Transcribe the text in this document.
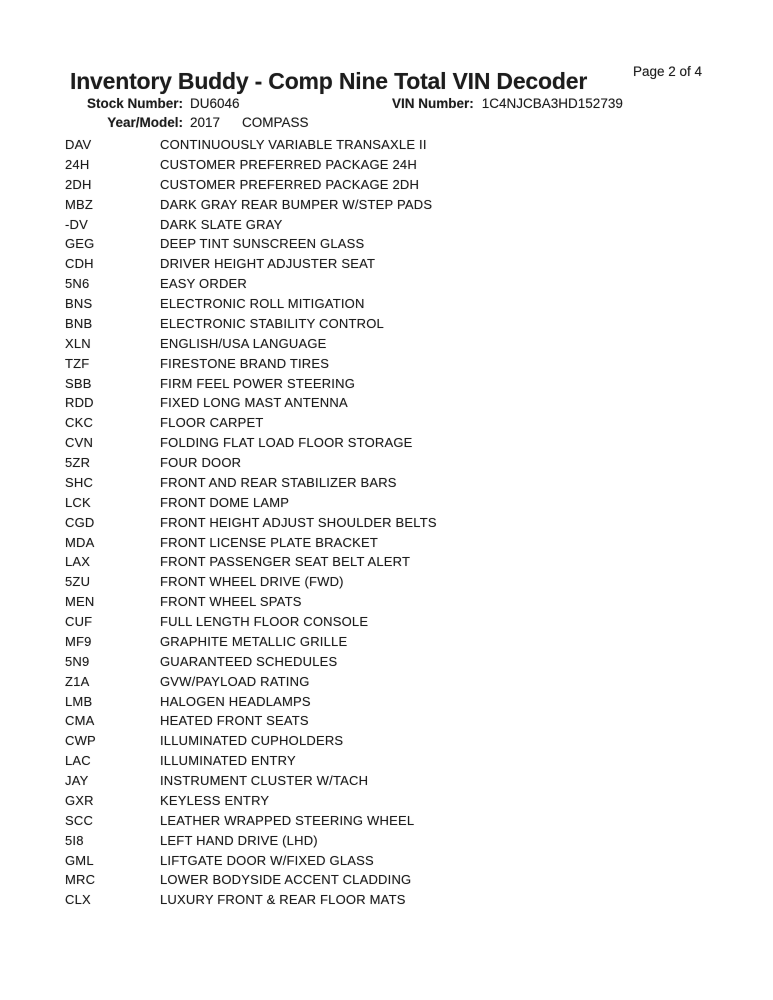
Inventory Buddy - Comp Nine Total VIN Decoder	Page 2 of 4
Stock Number: DU6046	VIN Number: 1C4NJCBA3HD152739
Year/Model: 2017 COMPASS
DAV	CONTINUOUSLY VARIABLE TRANSAXLE II
24H	CUSTOMER PREFERRED PACKAGE 24H
2DH	CUSTOMER PREFERRED PACKAGE 2DH
MBZ	DARK GRAY REAR BUMPER W/STEP PADS
-DV	DARK SLATE GRAY
GEG	DEEP TINT SUNSCREEN GLASS
CDH	DRIVER HEIGHT ADJUSTER SEAT
5N6	EASY ORDER
BNS	ELECTRONIC ROLL MITIGATION
BNB	ELECTRONIC STABILITY CONTROL
XLN	ENGLISH/USA LANGUAGE
TZF	FIRESTONE BRAND TIRES
SBB	FIRM FEEL POWER STEERING
RDD	FIXED LONG MAST ANTENNA
CKC	FLOOR CARPET
CVN	FOLDING FLAT LOAD FLOOR STORAGE
5ZR	FOUR DOOR
SHC	FRONT AND REAR STABILIZER BARS
LCK	FRONT DOME LAMP
CGD	FRONT HEIGHT ADJUST SHOULDER BELTS
MDA	FRONT LICENSE PLATE BRACKET
LAX	FRONT PASSENGER SEAT BELT ALERT
5ZU	FRONT WHEEL DRIVE (FWD)
MEN	FRONT WHEEL SPATS
CUF	FULL LENGTH FLOOR CONSOLE
MF9	GRAPHITE METALLIC GRILLE
5N9	GUARANTEED SCHEDULES
Z1A	GVW/PAYLOAD RATING
LMB	HALOGEN HEADLAMPS
CMA	HEATED FRONT SEATS
CWP	ILLUMINATED CUPHOLDERS
LAC	ILLUMINATED ENTRY
JAY	INSTRUMENT CLUSTER W/TACH
GXR	KEYLESS ENTRY
SCC	LEATHER WRAPPED STEERING WHEEL
5I8	LEFT HAND DRIVE (LHD)
GML	LIFTGATE DOOR W/FIXED GLASS
MRC	LOWER BODYSIDE ACCENT CLADDING
CLX	LUXURY FRONT & REAR FLOOR MATS
